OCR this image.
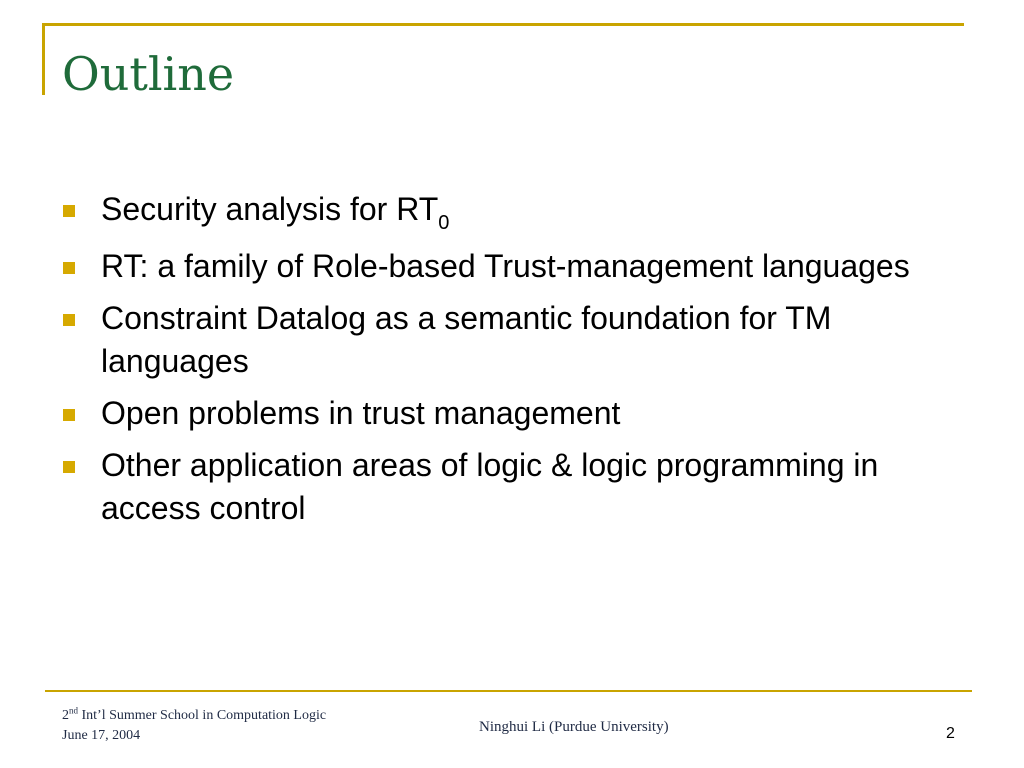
Outline
Security analysis for $RT_0$
RT: a family of Role-based Trust-management languages
Constraint Datalog as a semantic foundation for TM languages
Open problems in trust management
Other application areas of logic & logic programming in access control
2nd Int’l Summer School in Computation Logic
June 17, 2004
Ninghui Li (Purdue University)	2
